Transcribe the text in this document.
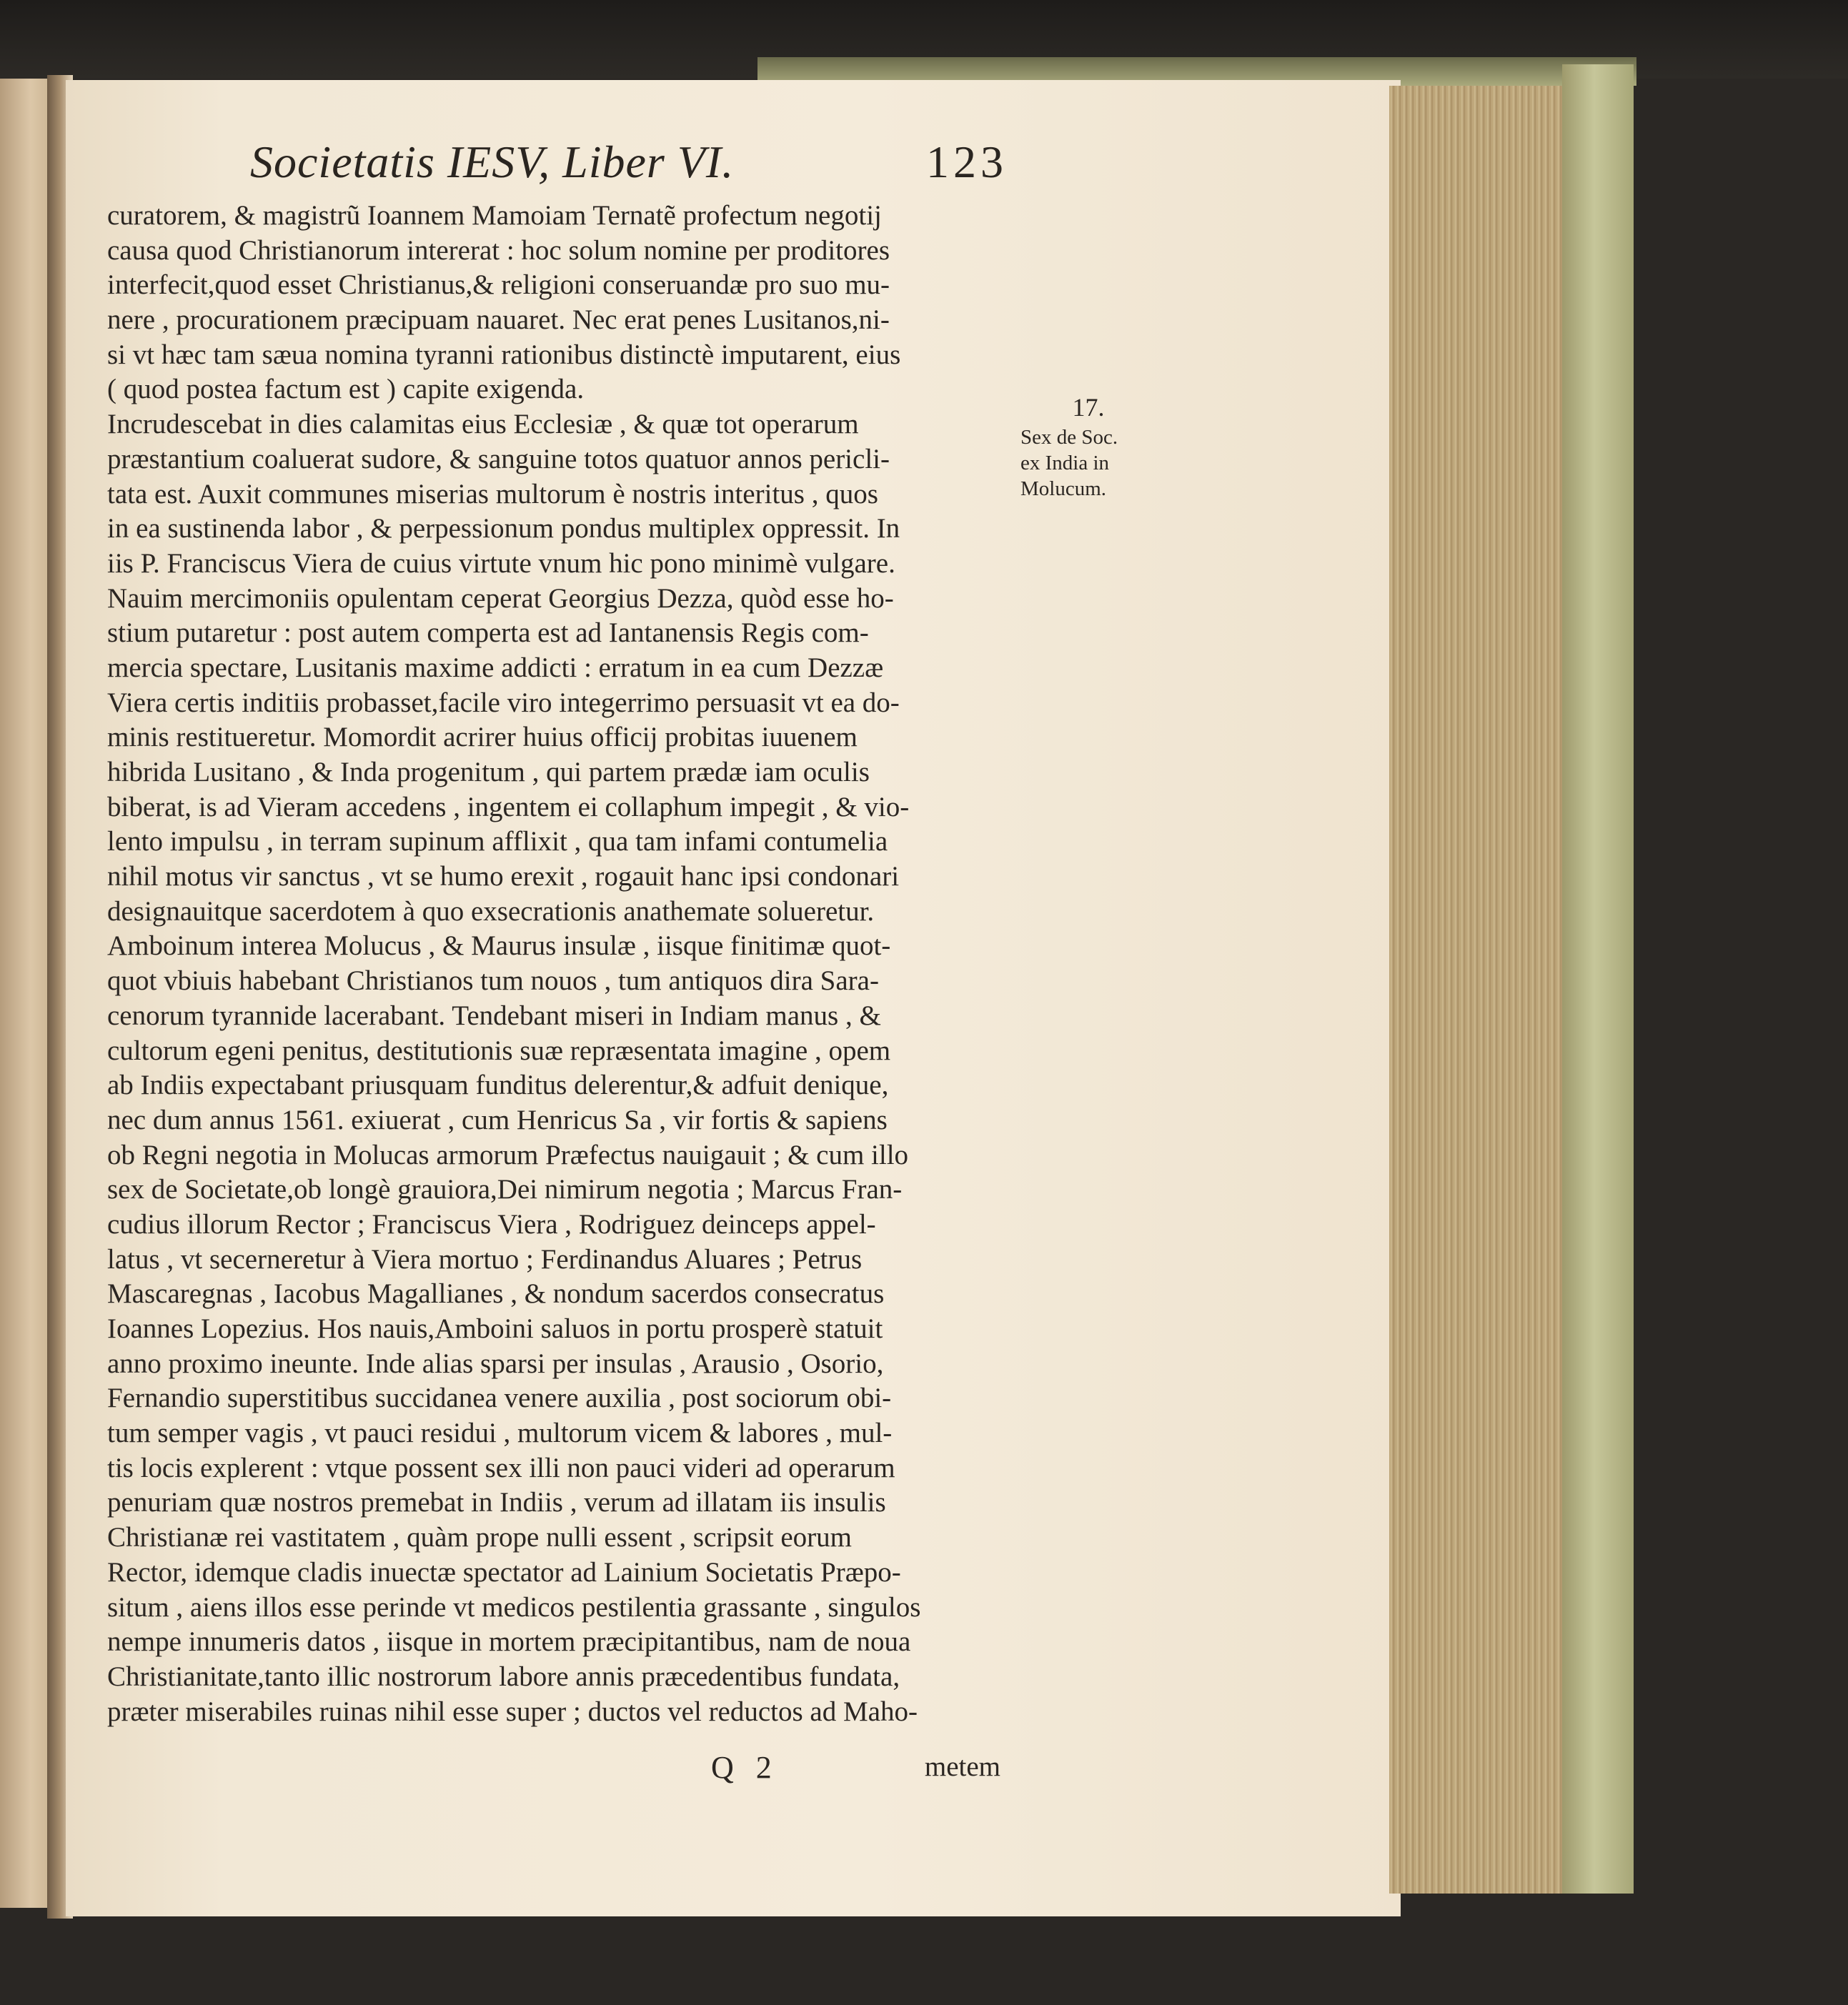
Societatis IESV, Liber VI.	123
curatorem, & magistrũ Ioannem Mamoiam Ternatẽ profectum negotij
causa quod Christianorum intererat : hoc solum nomine per proditores
interfecit,quod esset Christianus,& religioni conseruandæ pro suo mu-
nere , procurationem præcipuam nauaret. Nec erat penes Lusitanos,ni-
si vt hæc tam sæua nomina tyranni rationibus distinctè imputarent, eius
( quod postea factum est ) capite exigenda.
Incrudescebat in dies calamitas eius Ecclesiæ , & quæ tot operarum
præstantium coaluerat sudore, & sanguine totos quatuor annos pericli-
tata est. Auxit communes miserias multorum è nostris interitus , quos
in ea sustinenda labor , & perpessionum pondus multiplex oppressit. In
iis P. Franciscus Viera de cuius virtute vnum hic pono minimè vulgare.
Nauim mercimoniis opulentam ceperat Georgius Dezza, quòd esse ho-
stium putaretur : post autem comperta est ad Iantanensis Regis com-
mercia spectare, Lusitanis maxime addicti : erratum in ea cum Dezzæ
Viera certis inditiis probasset,facile viro integerrimo persuasit vt ea do-
minis restitueretur. Momordit acrirer huius officij probitas iuuenem
hibrida Lusitano , & Inda progenitum , qui partem prædæ iam oculis
biberat, is ad Vieram accedens , ingentem ei collaphum impegit , & vio-
lento impulsu , in terram supinum afflixit , qua tam infami contumelia
nihil motus vir sanctus , vt se humo erexit , rogauit hanc ipsi condonari
designauitque sacerdotem à quo exsecrationis anathemate solueretur.
Amboinum interea Molucus , & Maurus insulæ , iisque finitimæ quot-
quot vbiuis habebant Christianos tum nouos , tum antiquos dira Sara-
cenorum tyrannide lacerabant. Tendebant miseri in Indiam manus , &
cultorum egeni penitus, destitutionis suæ repræsentata imagine , opem
ab Indiis expectabant priusquam funditus delerentur,& adfuit denique,
nec dum annus 1561. exiuerat , cum Henricus Sa , vir fortis & sapiens
ob Regni negotia in Molucas armorum Præfectus nauigauit ; & cum illo
sex de Societate,ob longè grauiora,Dei nimirum negotia ; Marcus Fran-
cudius illorum Rector ; Franciscus Viera , Rodriguez deinceps appel-
latus , vt secerneretur à Viera mortuo ; Ferdinandus Aluares ; Petrus
Mascaregnas , Iacobus Magallianes , & nondum sacerdos consecratus
Ioannes Lopezius. Hos nauis,Amboini saluos in portu prosperè statuit
anno proximo ineunte. Inde alias sparsi per insulas , Arausio , Osorio,
Fernandio superstitibus succidanea venere auxilia , post sociorum obi-
tum semper vagis , vt pauci residui , multorum vicem & labores , mul-
tis locis explerent : vtque possent sex illi non pauci videri ad operarum
penuriam quæ nostros premebat in Indiis , verum ad illatam iis insulis
Christianæ rei vastitatem , quàm prope nulli essent , scripsit eorum
Rector, idemque cladis inuectæ spectator ad Lainium Societatis Præpo-
situm , aiens illos esse perinde vt medicos pestilentia grassante , singulos
nempe innumeris datos , iisque in mortem præcipitantibus, nam de noua
Christianitate,tanto illic nostrorum labore annis præcedentibus fundata,
præter miserabiles ruinas nihil esse super ; ductos vel reductos ad Maho-
17.
Sex de Soc.
ex India in
Molucum.
Q 2	metem
